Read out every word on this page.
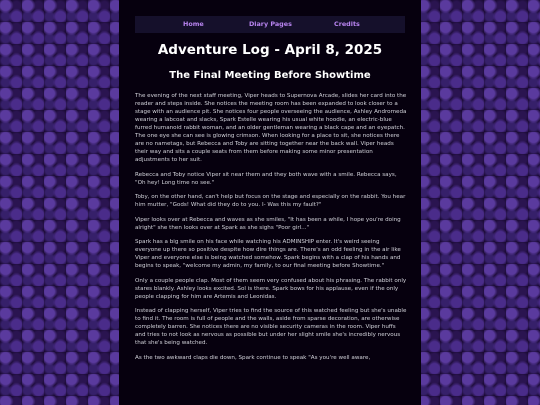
Home	Diary Pages	Credits
Adventure Log - April 8, 2025
The Final Meeting Before Showtime

The evening of the next staff meeting, Viper heads to Supernova Arcade, slides her card into the reader and steps inside. She notices the meeting room has been expanded to look closer to a stage with an audience pit. She notices four people overseeing the audience, Ashley Andromeda wearing a labcoat and slacks, Spark Estelle wearing his usual white hoodie, an electric-blue furred humanoid rabbit woman, and an older gentleman wearing a black cape and an eyepatch. The one eye she can see is glowing crimson. When looking for a place to sit, she notices there are no nametags, but Rebecca and Toby are sitting together near the back wall. Viper heads their way and sits a couple seats from them before making some minor presentation adjustments to her suit.

Rebecca and Toby notice Viper sit near them and they both wave with a smile. Rebecca says, "Oh hey! Long time no see."

Toby, on the other hand, can't help but focus on the stage and especially on the rabbit. You hear him mutter, "Gods! What did they do to you. I- Was this my fault?"

Viper looks over at Rebecca and waves as she smiles, "It has been a while, I hope you're doing alright" she then looks over at Spark as she sighs "Poor girl..."

Spark has a big smile on his face while watching his ADMINSHIP enter. It's weird seeing everyone up there so positive despite how dire things are. There's an odd feeling in the air like Viper and everyone else is being watched somehow. Spark begins with a clap of his hands and begins to speak, "welcome my admin, my family, to our final meeting before Showtime."

Only a couple people clap. Most of them seem very confused about his phrasing. The rabbit only stares blankly. Ashley looks excited. Sol is there. Spark bows for his applause, even if the only people clapping for him are Artemis and Leonidas.

Instead of clapping herself, Viper tries to find the source of this watched feeling but she's unable to find it. The room is full of people and the walls, aside from sparse decoration, are otherwise completely barren. She notices there are no visible security cameras in the room. Viper huffs and tries to not look as nervous as possible but under her slight smile she's incredibly nervous that she's being watched.

As the two awkward claps die down, Spark continue to speak "As you're well aware,
